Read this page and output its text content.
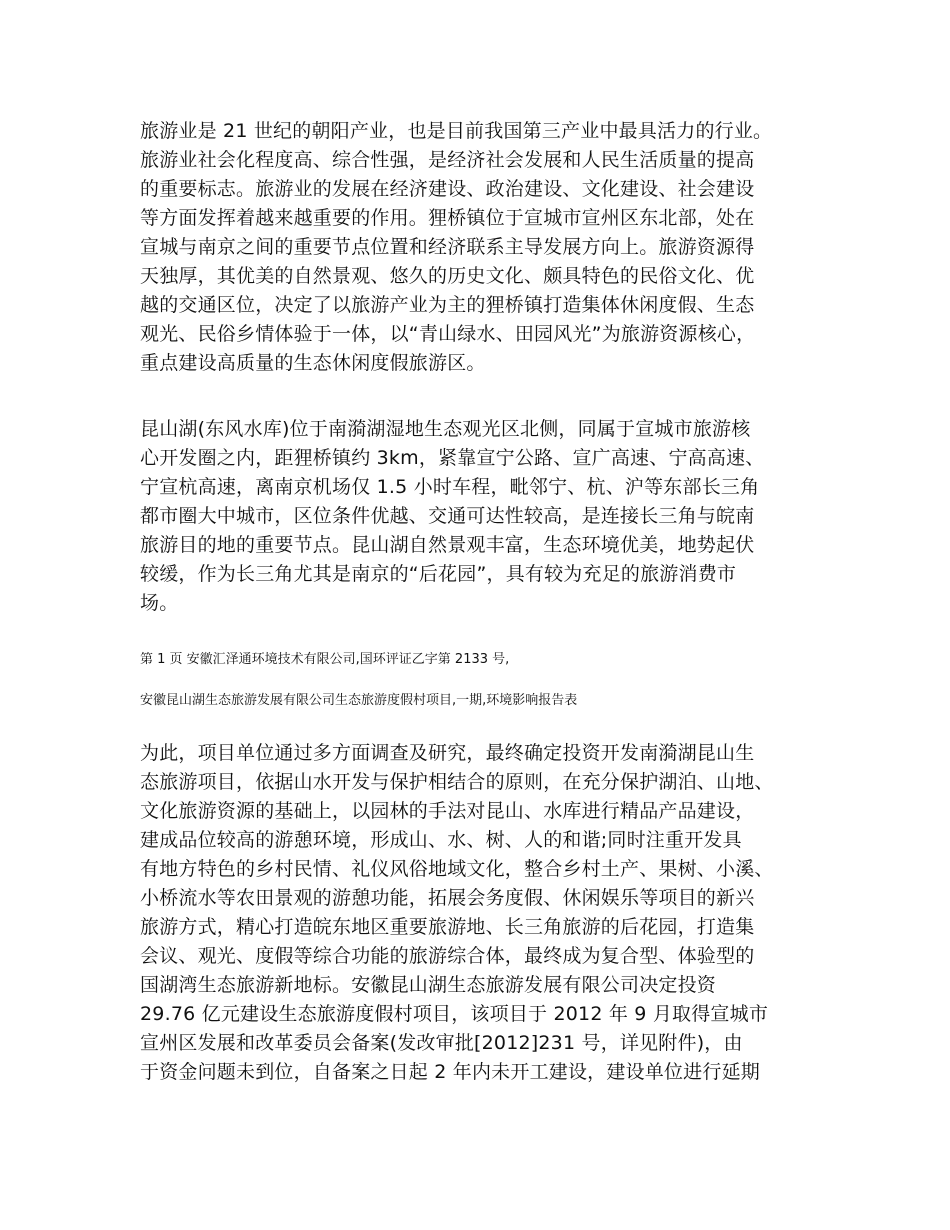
旅游业是 21 世纪的朝阳产业，也是目前我国第三产业中最具活力的行业。
旅游业社会化程度高、综合性强，是经济社会发展和人民生活质量的提高
的重要标志。旅游业的发展在经济建设、政治建设、文化建设、社会建设
等方面发挥着越来越重要的作用。狸桥镇位于宣城市宣州区东北部，处在
宣城与南京之间的重要节点位置和经济联系主导发展方向上。旅游资源得
天独厚，其优美的自然景观、悠久的历史文化、颇具特色的民俗文化、优
越的交通区位，决定了以旅游产业为主的狸桥镇打造集体休闲度假、生态
观光、民俗乡情体验于一体，以“青山绿水、田园风光”为旅游资源核心，
重点建设高质量的生态休闲度假旅游区。
昆山湖(东风水库)位于南漪湖湿地生态观光区北侧，同属于宣城市旅游核
心开发圈之内，距狸桥镇约 3km，紧靠宣宁公路、宣广高速、宁高高速、
宁宣杭高速，离南京机场仅 1.5 小时车程，毗邻宁、杭、沪等东部长三角
都市圈大中城市，区位条件优越、交通可达性较高，是连接长三角与皖南
旅游目的地的重要节点。昆山湖自然景观丰富，生态环境优美，地势起伏
较缓，作为长三角尤其是南京的“后花园”，具有较为充足的旅游消费市
场。
第 1 页 安徽汇泽通环境技术有限公司,国环评证乙字第 2133 号,
安徽昆山湖生态旅游发展有限公司生态旅游度假村项目,一期,环境影响报告表
为此，项目单位通过多方面调查及研究，最终确定投资开发南漪湖昆山生
态旅游项目，依据山水开发与保护相结合的原则，在充分保护湖泊、山地、
文化旅游资源的基础上，以园林的手法对昆山、水库进行精品产品建设，
建成品位较高的游憩环境，形成山、水、树、人的和谐;同时注重开发具
有地方特色的乡村民情、礼仪风俗地域文化，整合乡村土产、果树、小溪、
小桥流水等农田景观的游憩功能，拓展会务度假、休闲娱乐等项目的新兴
旅游方式，精心打造皖东地区重要旅游地、长三角旅游的后花园，打造集
会议、观光、度假等综合功能的旅游综合体，最终成为复合型、体验型的
国湖湾生态旅游新地标。安徽昆山湖生态旅游发展有限公司决定投资
29.76 亿元建设生态旅游度假村项目，该项目于 2012 年 9 月取得宣城市
宣州区发展和改革委员会备案(发改审批[2012]231 号，详见附件)，由
于资金问题未到位，自备案之日起 2 年内未开工建设，建设单位进行延期
